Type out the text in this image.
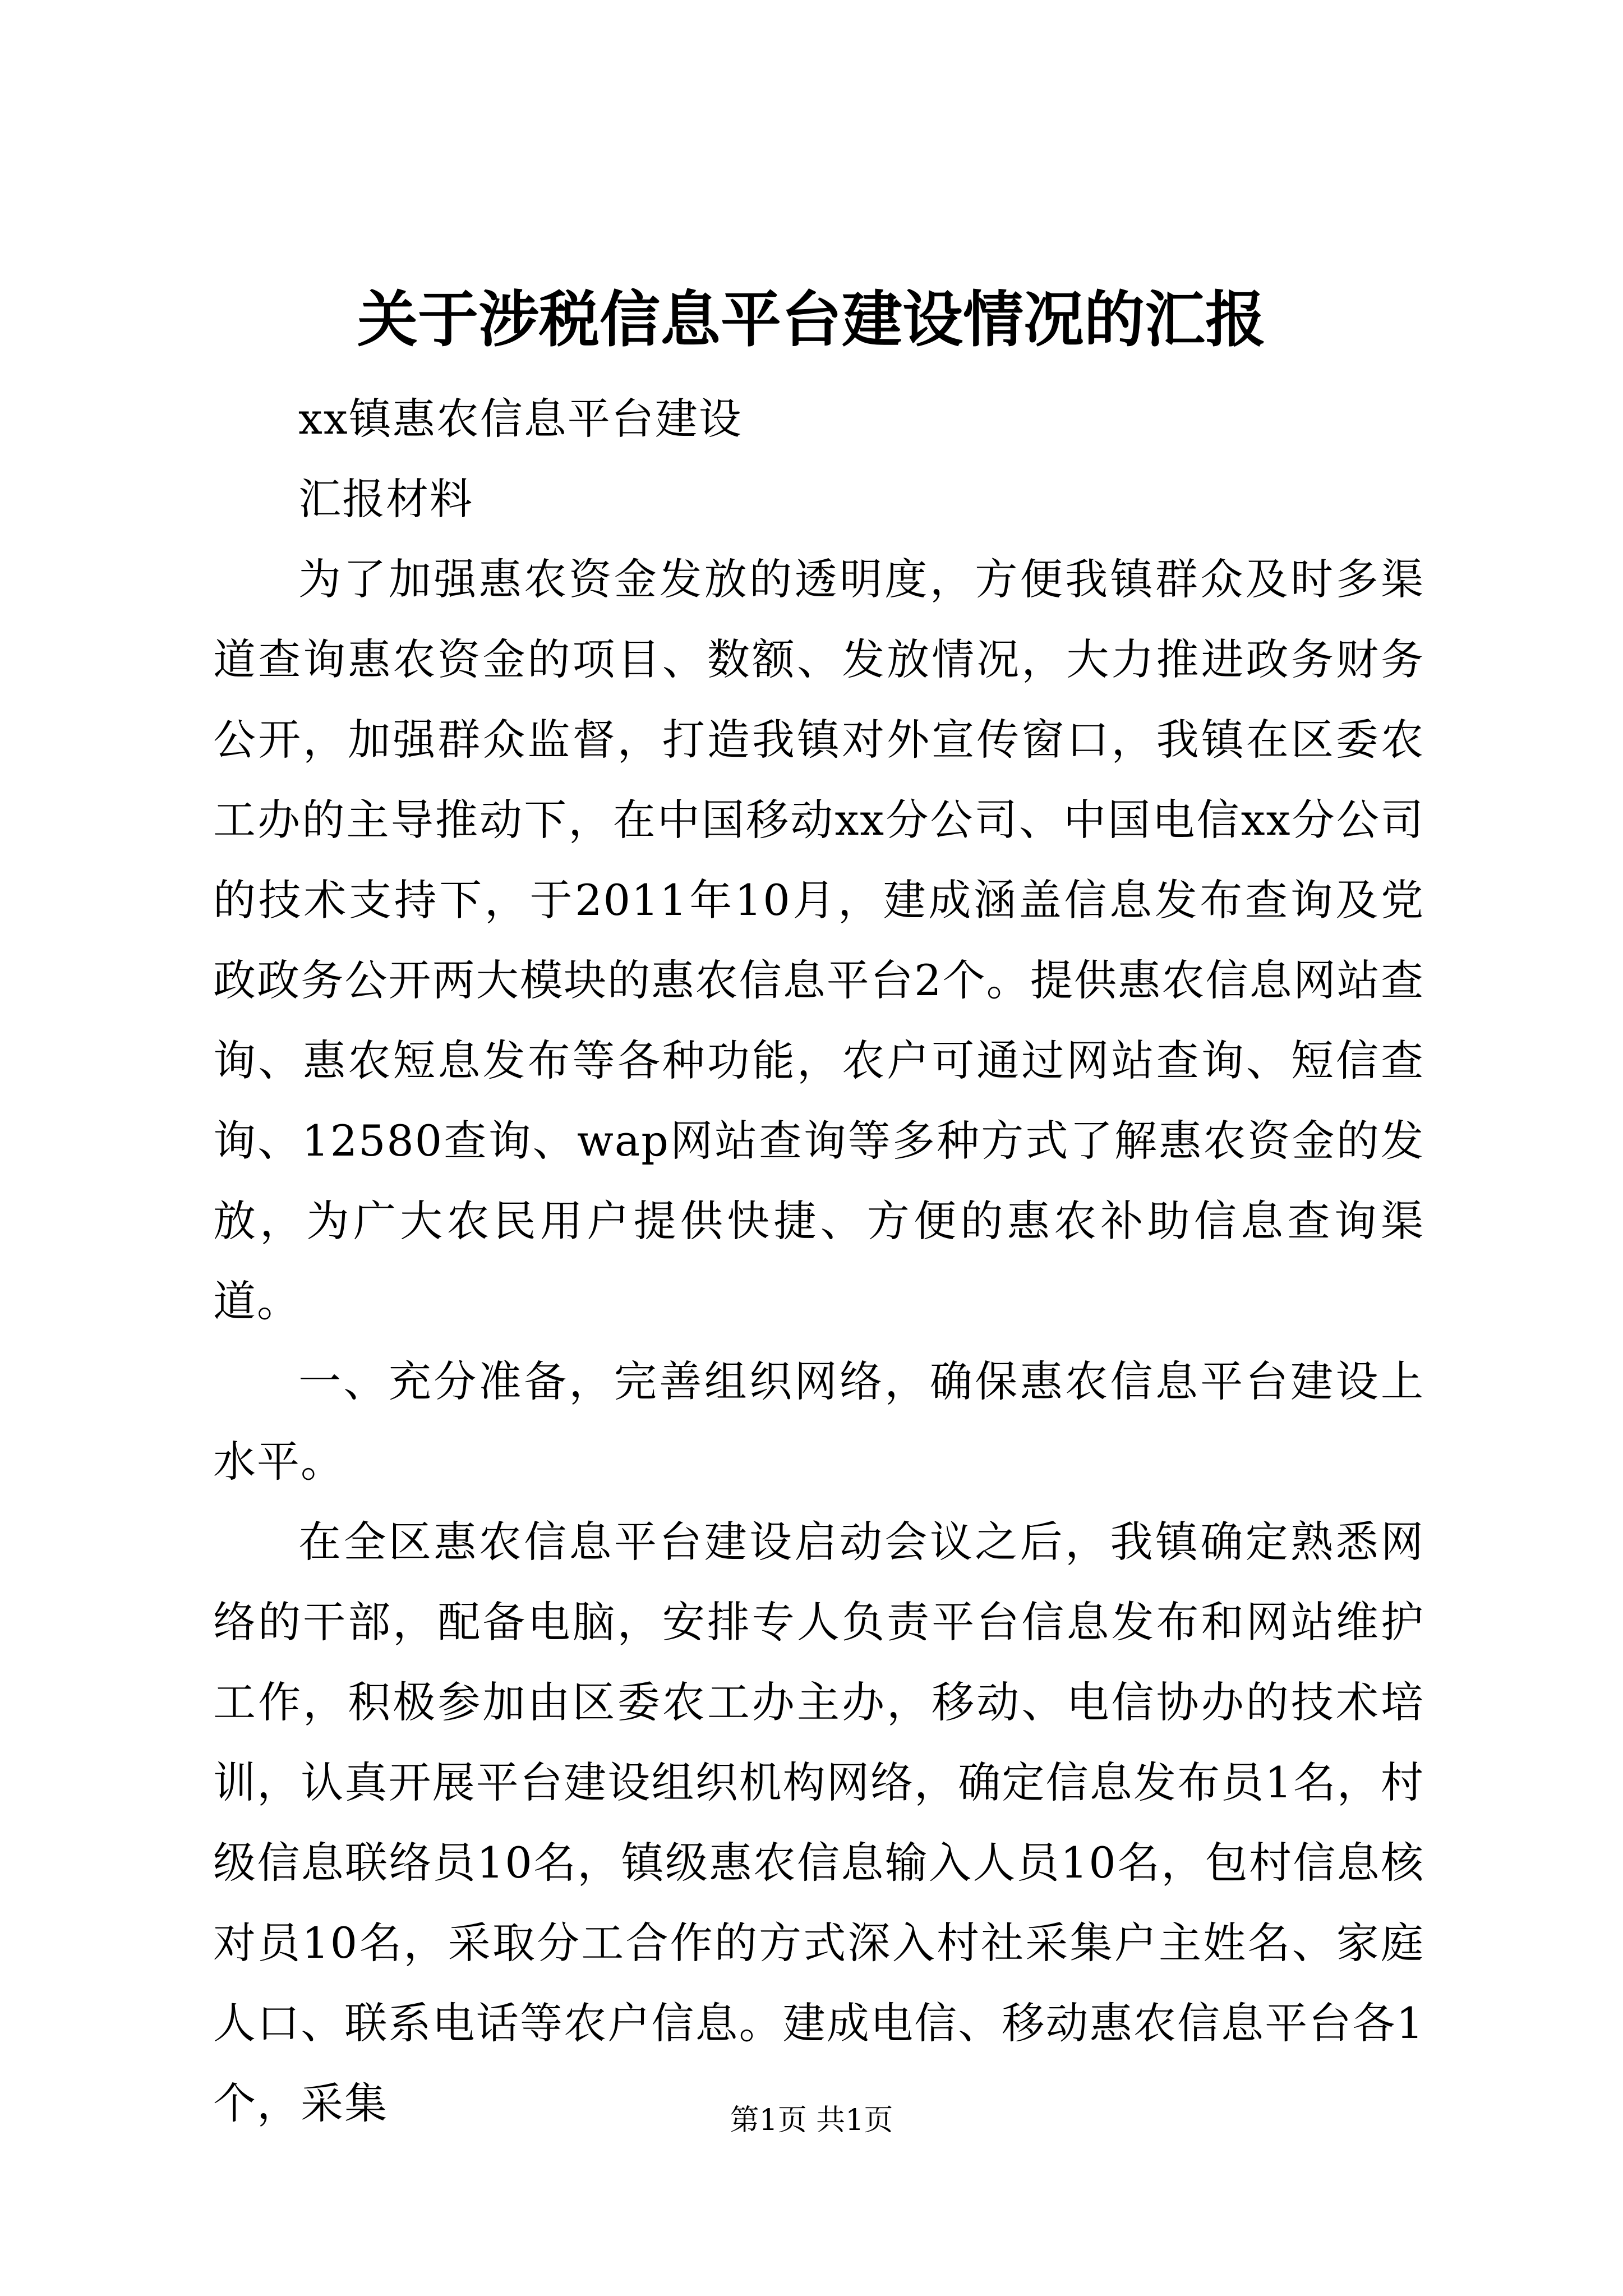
关于涉税信息平台建设情况的汇报

xx镇惠农信息平台建设

汇报材料

为了加强惠农资金发放的透明度，方便我镇群众及时多渠道查询惠农资金的项目、数额、发放情况，大力推进政务财务公开，加强群众监督，打造我镇对外宣传窗口，我镇在区委农工办的主导推动下，在中国移动xx分公司、中国电信xx分公司的技术支持下，于2011年10月，建成涵盖信息发布查询及党政政务公开两大模块的惠农信息平台2个。提供惠农信息网站查询、惠农短息发布等各种功能，农户可通过网站查询、短信查询、12580查询、wap网站查询等多种方式了解惠农资金的发放，为广大农民用户提供快捷、方便的惠农补助信息查询渠道。

一、充分准备，完善组织网络，确保惠农信息平台建设上水平。

在全区惠农信息平台建设启动会议之后，我镇确定熟悉网络的干部，配备电脑，安排专人负责平台信息发布和网站维护工作，积极参加由区委农工办主办，移动、电信协办的技术培训，认真开展平台建设组织机构网络，确定信息发布员1名，村级信息联络员10名，镇级惠农信息输入人员10名，包村信息核对员10名，采取分工合作的方式深入村社采集户主姓名、家庭人口、联系电话等农户信息。建成电信、移动惠农信息平台各1个，采集	第1页 共1页
